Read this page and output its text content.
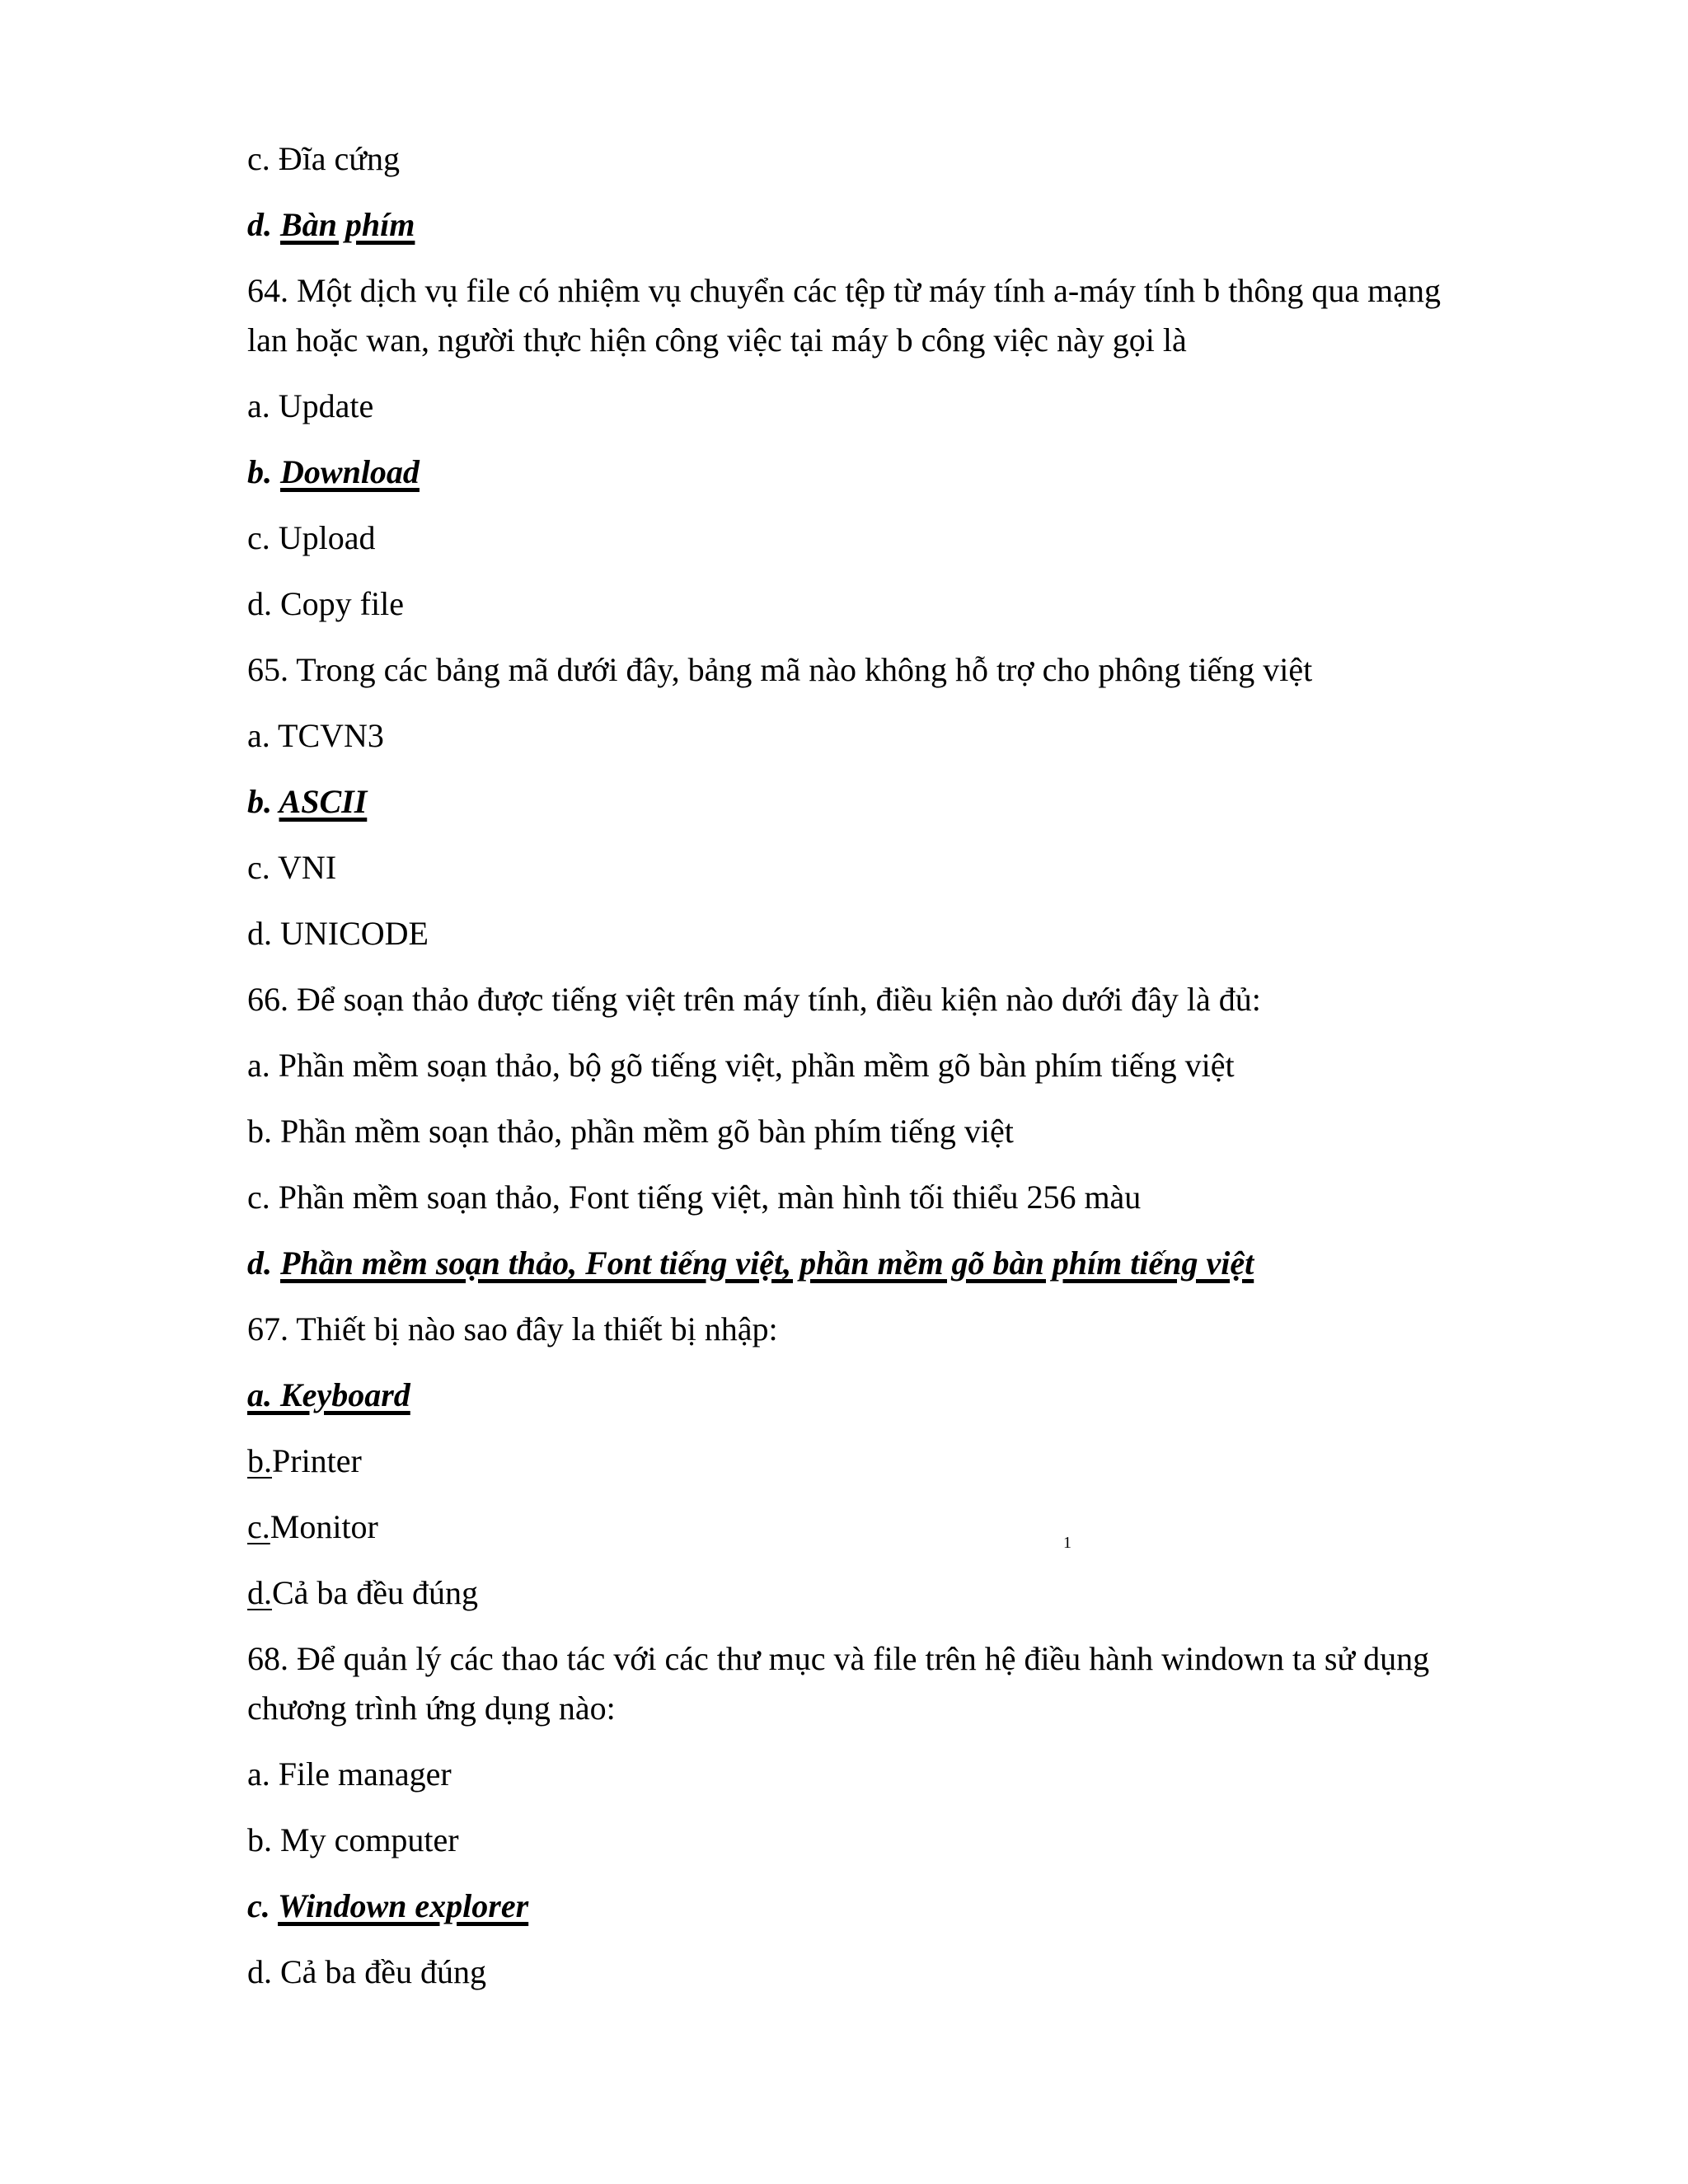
c. Đĩa cứng
d. Bàn phím
64. Một dịch vụ file có nhiệm vụ chuyển các tệp từ máy tính a-máy tính b thông qua mạng lan hoặc wan, người thực hiện công việc tại máy b công việc này gọi là
a. Update
b. Download
c. Upload
d. Copy file
65. Trong các bảng mã dưới đây, bảng mã nào không hỗ trợ cho phông tiếng việt
a. TCVN3
b. ASCII
c. VNI
d. UNICODE
66. Để soạn thảo được tiếng việt trên máy tính, điều kiện nào dưới đây là đủ:
a. Phần mềm soạn thảo, bộ gõ tiếng việt, phần mềm gõ bàn phím tiếng việt
b. Phần mềm soạn thảo, phần mềm gõ bàn phím tiếng việt
c. Phần mềm soạn thảo, Font tiếng việt, màn hình tối thiểu 256 màu
d. Phần mềm soạn thảo, Font tiếng việt, phần mềm gõ bàn phím tiếng việt
67. Thiết bị nào sao đây la thiết bị nhập:
a. Keyboard
b.Printer
c.Monitor	1
d.Cả ba đều đúng
68. Để quản lý các thao tác với các thư mục và file trên hệ điều hành windown ta sử dụng chương trình ứng dụng nào:
a. File manager
b. My computer
c. Windown explorer
d. Cả ba đều đúng
